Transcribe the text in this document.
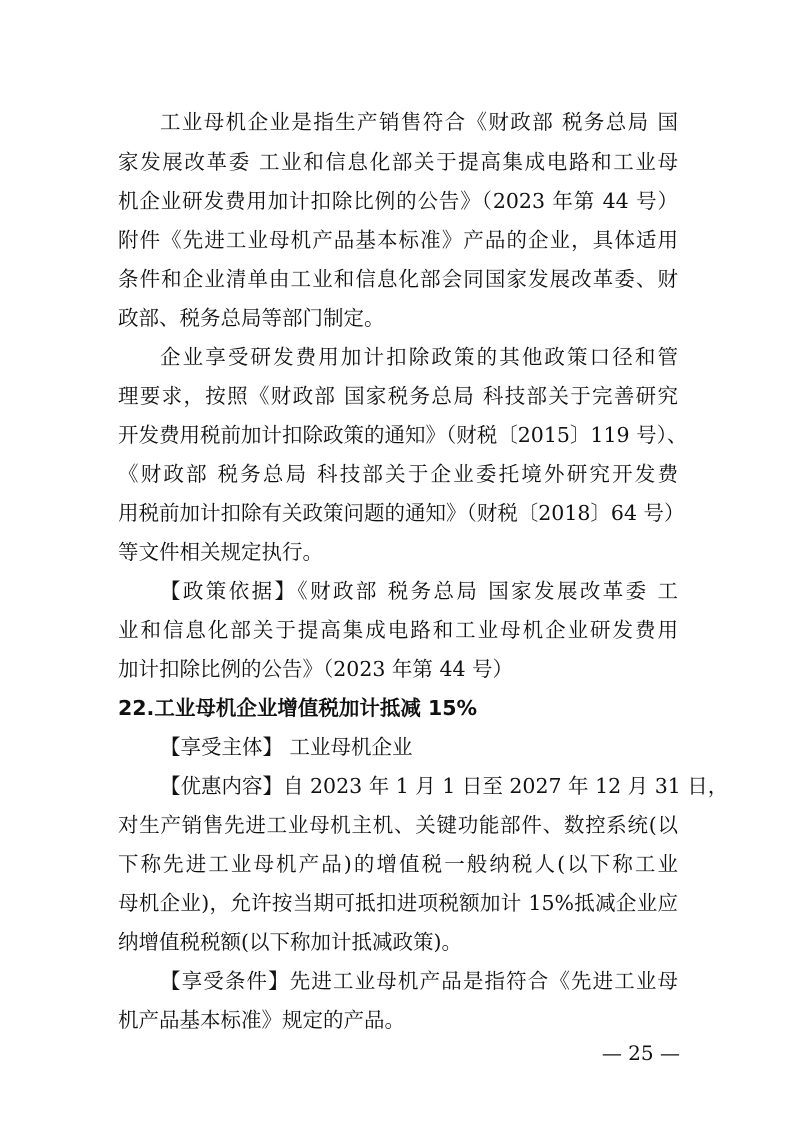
工业母机企业是指生产销售符合《财政部 税务总局 国
家发展改革委 工业和信息化部关于提高集成电路和工业母
机企业研发费用加计扣除比例的公告》（2023 年第 44 号）
附件《先进工业母机产品基本标准》产品的企业，具体适用
条件和企业清单由工业和信息化部会同国家发展改革委、财
政部、税务总局等部门制定。
企业享受研发费用加计扣除政策的其他政策口径和管
理要求，按照《财政部 国家税务总局 科技部关于完善研究
开发费用税前加计扣除政策的通知》（财税〔2015〕119 号）、
《财政部 税务总局 科技部关于企业委托境外研究开发费
用税前加计扣除有关政策问题的通知》（财税〔2018〕64 号）
等文件相关规定执行。
【政策依据】《财政部 税务总局 国家发展改革委 工
业和信息化部关于提高集成电路和工业母机企业研发费用
加计扣除比例的公告》（2023 年第 44 号）
22.工业母机企业增值税加计抵减 15%
【享受主体】 工业母机企业
【优惠内容】自 2023 年 1 月 1 日至 2027 年 12 月 31 日，
对生产销售先进工业母机主机、关键功能部件、数控系统(以
下称先进工业母机产品)的增值税一般纳税人(以下称工业
母机企业)，允许按当期可抵扣进项税额加计 15%抵减企业应
纳增值税税额(以下称加计抵减政策)。
【享受条件】先进工业母机产品是指符合《先进工业母
机产品基本标准》规定的产品。
— 25 —
